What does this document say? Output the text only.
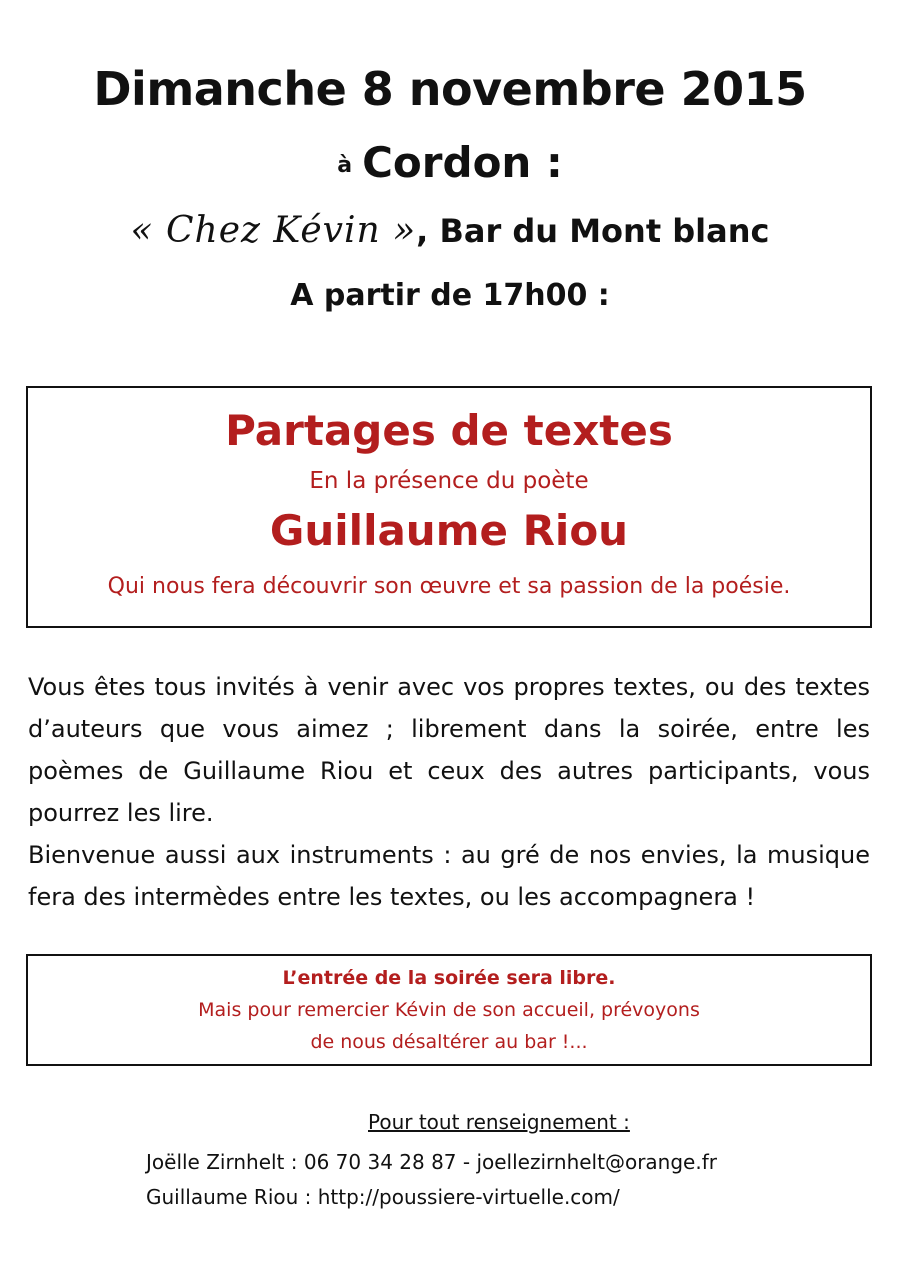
Dimanche 8 novembre 2015
à Cordon :
« Chez Kévin », Bar du Mont blanc
A partir de 17h00 :
Partages de textes
En la présence du poète
Guillaume Riou
Qui nous fera découvrir son œuvre et sa passion de la poésie.

Vous êtes tous invités à venir avec vos propres textes, ou des textes d’auteurs que vous aimez ; librement dans la soirée, entre les poèmes de Guillaume Riou et ceux des autres participants, vous pourrez les lire.

Bienvenue aussi aux instruments : au gré de nos envies, la musique fera des intermèdes entre les textes, ou les accompagnera !

L’entrée de la soirée sera libre.
Mais pour remercier Kévin de son accueil, prévoyons
de nous désaltérer au bar !...
Pour tout renseignement :
Joëlle Zirnhelt : 06 70 34 28 87 - joellezirnhelt@orange.fr
Guillaume Riou : http://poussiere-virtuelle.com/
